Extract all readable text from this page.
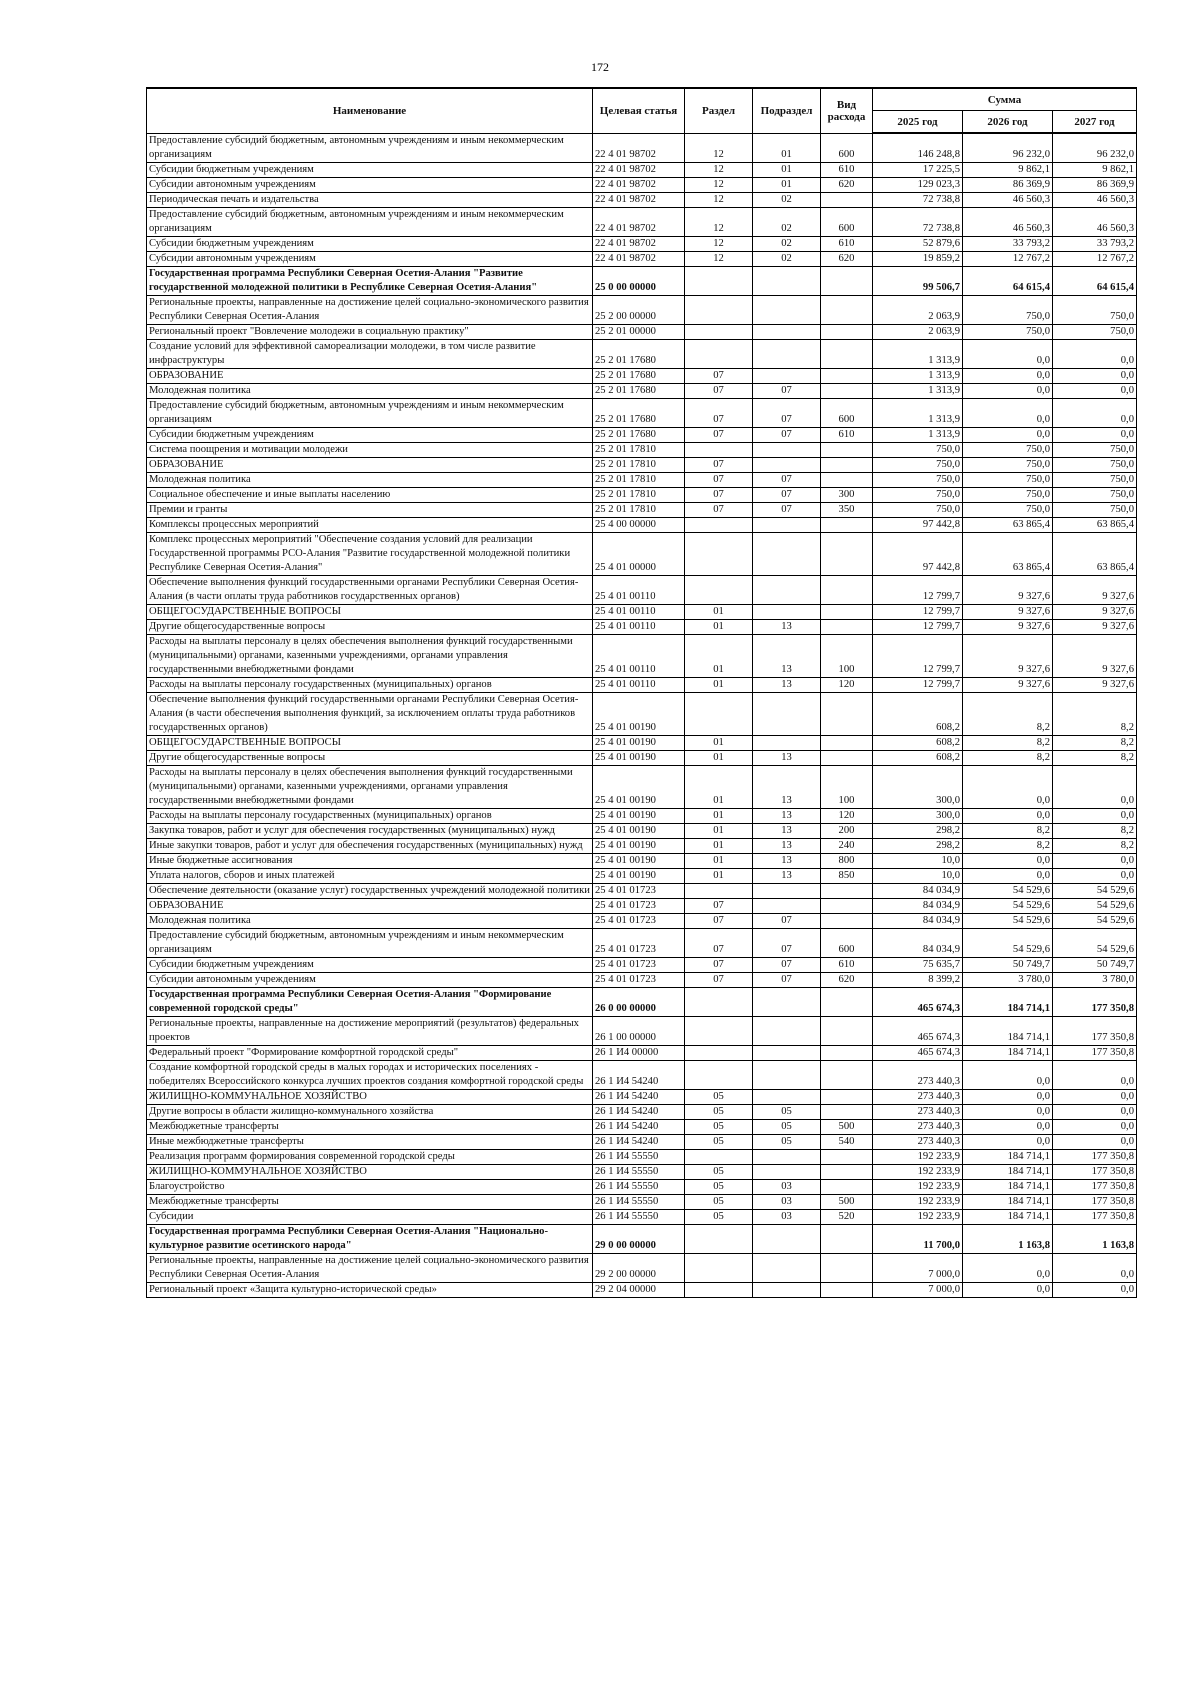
172
Наименование	Целевая статья	Раздел	Подраздел	Вид расхода	Сумма		
					2025 год	2026 год	2027 год
Предоставление субсидий бюджетным, автономным учреждениям и иным некоммерческим организациям	22 4 01 98702	12	01	600	146 248,8	96 232,0	96 232,0
Субсидии бюджетным учреждениям	22 4 01 98702	12	01	610	17 225,5	9 862,1	9 862,1
Субсидии автономным учреждениям	22 4 01 98702	12	01	620	129 023,3	86 369,9	86 369,9
Периодическая печать и издательства	22 4 01 98702	12	02		72 738,8	46 560,3	46 560,3
Предоставление субсидий бюджетным, автономным учреждениям и иным некоммерческим организациям	22 4 01 98702	12	02	600	72 738,8	46 560,3	46 560,3
Субсидии бюджетным учреждениям	22 4 01 98702	12	02	610	52 879,6	33 793,2	33 793,2
Субсидии автономным учреждениям	22 4 01 98702	12	02	620	19 859,2	12 767,2	12 767,2
Государственная программа Республики Северная Осетия-Алания "Развитие государственной молодежной политики в Республике Северная Осетия-Алания"	25 0 00 00000				99 506,7	64 615,4	64 615,4
Региональные проекты, направленные на достижение целей социально-экономического развития Республики Северная Осетия-Алания	25 2 00 00000				2 063,9	750,0	750,0
Региональный проект "Вовлечение молодежи в социальную практику"	25 2 01 00000				2 063,9	750,0	750,0
Создание условий для эффективной самореализации молодежи, в том числе развитие инфраструктуры	25 2 01 17680				1 313,9	0,0	0,0
ОБРАЗОВАНИЕ	25 2 01 17680	07			1 313,9	0,0	0,0
Молодежная политика	25 2 01 17680	07	07		1 313,9	0,0	0,0
Предоставление субсидий бюджетным, автономным учреждениям и иным некоммерческим организациям	25 2 01 17680	07	07	600	1 313,9	0,0	0,0
Субсидии бюджетным учреждениям	25 2 01 17680	07	07	610	1 313,9	0,0	0,0
Система поощрения и мотивации молодежи	25 2 01 17810				750,0	750,0	750,0
ОБРАЗОВАНИЕ	25 2 01 17810	07			750,0	750,0	750,0
Молодежная политика	25 2 01 17810	07	07		750,0	750,0	750,0
Социальное обеспечение и иные выплаты населению	25 2 01 17810	07	07	300	750,0	750,0	750,0
Премии и гранты	25 2 01 17810	07	07	350	750,0	750,0	750,0
Комплексы процессных мероприятий	25 4 00 00000				97 442,8	63 865,4	63 865,4
Комплекс процессных мероприятий "Обеспечение создания условий для реализации Государственной программы РСО-Алания "Развитие государственной молодежной политики Республике Северная Осетия-Алания"	25 4 01 00000				97 442,8	63 865,4	63 865,4
Обеспечение выполнения функций государственными органами Республики Северная Осетия-Алания (в части оплаты труда работников государственных органов)	25 4 01 00110				12 799,7	9 327,6	9 327,6
ОБЩЕГОСУДАРСТВЕННЫЕ ВОПРОСЫ	25 4 01 00110	01			12 799,7	9 327,6	9 327,6
Другие общегосударственные вопросы	25 4 01 00110	01	13		12 799,7	9 327,6	9 327,6
Расходы на выплаты персоналу в целях обеспечения выполнения функций государственными (муниципальными) органами, казенными учреждениями, органами управления государственными внебюджетными фондами	25 4 01 00110	01	13	100	12 799,7	9 327,6	9 327,6
Расходы на выплаты персоналу государственных (муниципальных) органов	25 4 01 00110	01	13	120	12 799,7	9 327,6	9 327,6
Обеспечение выполнения функций государственными органами Республики Северная Осетия-Алания (в части обеспечения выполнения функций, за исключением оплаты труда работников государственных органов)	25 4 01 00190				608,2	8,2	8,2
ОБЩЕГОСУДАРСТВЕННЫЕ ВОПРОСЫ	25 4 01 00190	01			608,2	8,2	8,2
Другие общегосударственные вопросы	25 4 01 00190	01	13		608,2	8,2	8,2
Расходы на выплаты персоналу в целях обеспечения выполнения функций государственными (муниципальными) органами, казенными учреждениями, органами управления государственными внебюджетными фондами	25 4 01 00190	01	13	100	300,0	0,0	0,0
Расходы на выплаты персоналу государственных (муниципальных) органов	25 4 01 00190	01	13	120	300,0	0,0	0,0
Закупка товаров, работ и услуг для обеспечения государственных (муниципальных) нужд	25 4 01 00190	01	13	200	298,2	8,2	8,2
Иные закупки товаров, работ и услуг для обеспечения государственных (муниципальных) нужд	25 4 01 00190	01	13	240	298,2	8,2	8,2
Иные бюджетные ассигнования	25 4 01 00190	01	13	800	10,0	0,0	0,0
Уплата налогов, сборов и иных платежей	25 4 01 00190	01	13	850	10,0	0,0	0,0
Обеспечение деятельности (оказание услуг) государственных учреждений молодежной политики	25 4 01 01723				84 034,9	54 529,6	54 529,6
ОБРАЗОВАНИЕ	25 4 01 01723	07			84 034,9	54 529,6	54 529,6
Молодежная политика	25 4 01 01723	07	07		84 034,9	54 529,6	54 529,6
Предоставление субсидий бюджетным, автономным учреждениям и иным некоммерческим организациям	25 4 01 01723	07	07	600	84 034,9	54 529,6	54 529,6
Субсидии бюджетным учреждениям	25 4 01 01723	07	07	610	75 635,7	50 749,7	50 749,7
Субсидии автономным учреждениям	25 4 01 01723	07	07	620	8 399,2	3 780,0	3 780,0
Государственная программа Республики Северная Осетия-Алания "Формирование современной городской среды"	26 0 00 00000				465 674,3	184 714,1	177 350,8
Региональные проекты, направленные на достижение мероприятий (результатов) федеральных проектов	26 1 00 00000				465 674,3	184 714,1	177 350,8
Федеральный проект "Формирование комфортной городской среды"	26 1 И4 00000				465 674,3	184 714,1	177 350,8
Создание комфортной городской среды в малых городах и исторических поселениях - победителях Всероссийского конкурса лучших проектов создания комфортной городской среды	26 1 И4 54240				273 440,3	0,0	0,0
ЖИЛИЩНО-КОММУНАЛЬНОЕ ХОЗЯЙСТВО	26 1 И4 54240	05			273 440,3	0,0	0,0
Другие вопросы в области жилищно-коммунального хозяйства	26 1 И4 54240	05	05		273 440,3	0,0	0,0
Межбюджетные трансферты	26 1 И4 54240	05	05	500	273 440,3	0,0	0,0
Иные межбюджетные трансферты	26 1 И4 54240	05	05	540	273 440,3	0,0	0,0
Реализация программ формирования современной городской среды	26 1 И4 55550				192 233,9	184 714,1	177 350,8
ЖИЛИЩНО-КОММУНАЛЬНОЕ ХОЗЯЙСТВО	26 1 И4 55550	05			192 233,9	184 714,1	177 350,8
Благоустройство	26 1 И4 55550	05	03		192 233,9	184 714,1	177 350,8
Межбюджетные трансферты	26 1 И4 55550	05	03	500	192 233,9	184 714,1	177 350,8
Субсидии	26 1 И4 55550	05	03	520	192 233,9	184 714,1	177 350,8
Государственная программа Республики Северная Осетия-Алания "Национально-культурное развитие осетинского народа"	29 0 00 00000				11 700,0	1 163,8	1 163,8
Региональные проекты, направленные на достижение целей социально-экономического развития Республики Северная Осетия-Алания	29 2 00 00000				7 000,0	0,0	0,0
Региональный проект «Защита культурно-исторической среды»	29 2 04 00000				7 000,0	0,0	0,0
